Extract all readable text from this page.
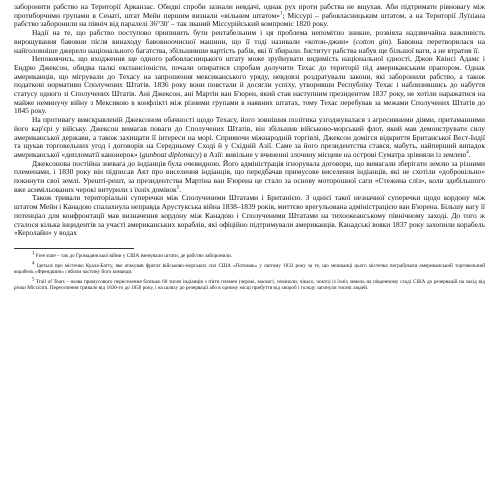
заборонити рабство на Території Арканзас. Обидві спроби зазнали невдачі, однак рух проти рабства не вщухав. Аби підтримати рівновагу між протиборчими групами в Сенаті, штат Мейн першим визнали «вільним штатом»$^1$; Міссурі – рабовласницьким штатом, а на Території Луїзіана рабство заборонили на північ від паралелі 36°30′ – так званий Міссурійський компроміс 1820 року.

Надії на те, що рабство поступово припинить бути рентабельним і ця проблема непомітно зникне, розвіяла надзвичайна важливість вирощування бавовни після винаходу бавовноочисної машини, що її тоді називали «котон-джин» (cotton gin). Бавовна перетворилася на найголовніше джерело національного багатства, збільшивши вартість рабів, які її збирали. Інститут рабства набув ще більшої ваги, а не втратив її.

Непокоячись, що входження ще одного рабовласницького штату може зруйнувати видимість національної єдності, Джон Квінсі Адамс і Ендрю Джексон, обидва палкі експансіоністи, почали опиратися спробам долучити Техас до території під американським прапором. Однак американців, що мігрували до Техасу на запрошення мексиканського уряду, невдовзі роздратували закони, які заборонили рабство, а також податкові нормативи Сполучених Штатів. 1836 року вони повстали й досягли успіху, утворивши Республіку Техас і наблизившись до набуття статусу одного зі Сполучених Штатів. Ані Джексон, ані Мартін ван Б'юрен, який став наступним президентом 1837 року, не хотіли наражатися на майже неминучу війну з Мексикою в конфлікті між різними групами в наявних штатах, тому Техас перебував за межами Сполучених Штатів до 1845 року.

На противагу вияскравленій Джексоном обачності щодо Техасу, його зовнішня політика узгоджувалася з агресивними діями, притаманними його кар'єрі у війську. Джексон вимагав поваги до Сполучених Штатів, він збільшив військово-морський флот, який мав демонструвати силу американської держави, а також захищати її інтереси на морі. Сприяючи міжнародній торгівлі, Джексон домігся відкриття Британської Вест-Індії та щукав торговельних угод і договорів на Середньому Сході й у Східній Азії. Саме за його президентства стався, мабуть, найперший випадок американської «дипломатії канонерок» (gunboat diplomacy) в Азії: вивільне у вчиненні злочину місцеве на острові Суматра зрівняли із землею$^4$.

Джексонова постійна зневага до індіанців була очевидною. Його адміністрація ігнорувала договори, що вимагали зберігати землю за різними племенами, і 1830 року він підписав Акт про виселення індіанців, що передбачав примусове виселення індіанців, які не схотіли «добровільно» покинути свої землі. Урешті-решт, за президентства Мартіна ван Б'юрена це стало за основу моторошної саги «Стежина сліз», коли здебільшого вже асимільованих черокі витурили з їхніх домівок$^5$.

Також тривали територіальні суперечки між Сполученими Штатами і Британією. З однієї такої незначної суперечки щодо кордону між штатом Мейн і Канадою спалахнула неправда Арустукська війна 1838–1839 років, миттєво врегульована адміністрацією ван Б'юрена. Більшу вагу її потенціал для конфронтації мав визначення кордону між Канадою і Сполученими Штатами на тихоокеанському північному заході. До того ж сталося кілька інцидентів за участі американських кораблів, які офіційно підтримували американців. Канадські вояки 1837 року захопили корабель «Керолайн» у водах

1 Free state – так до Громадянської війни у США іменували штати, де рабство заборонили.

4 Ідеться про містечко Куала-Батту, яке атакував фрегат військово-морських сил США «Потомак» у лютому 1832 року за те, що мешканці цього містечка пограбували американський торговельний корабель «Френдшип» і вбили частину його команди.

5 Trail of Tears – назва примусового переселення близько 60 тисяч індіанців з п'яти племен (черокі, маскогі, семіноли, чікасо, чокто) із їхніх земель на південному сході США до резервацій на захід від річки Міссісіпі. Переселення тривало від 1830-го до 1850 року, і на шляху до резервації або в одному місці прибуття від хвороб і голоду загинули тисячі людей.
